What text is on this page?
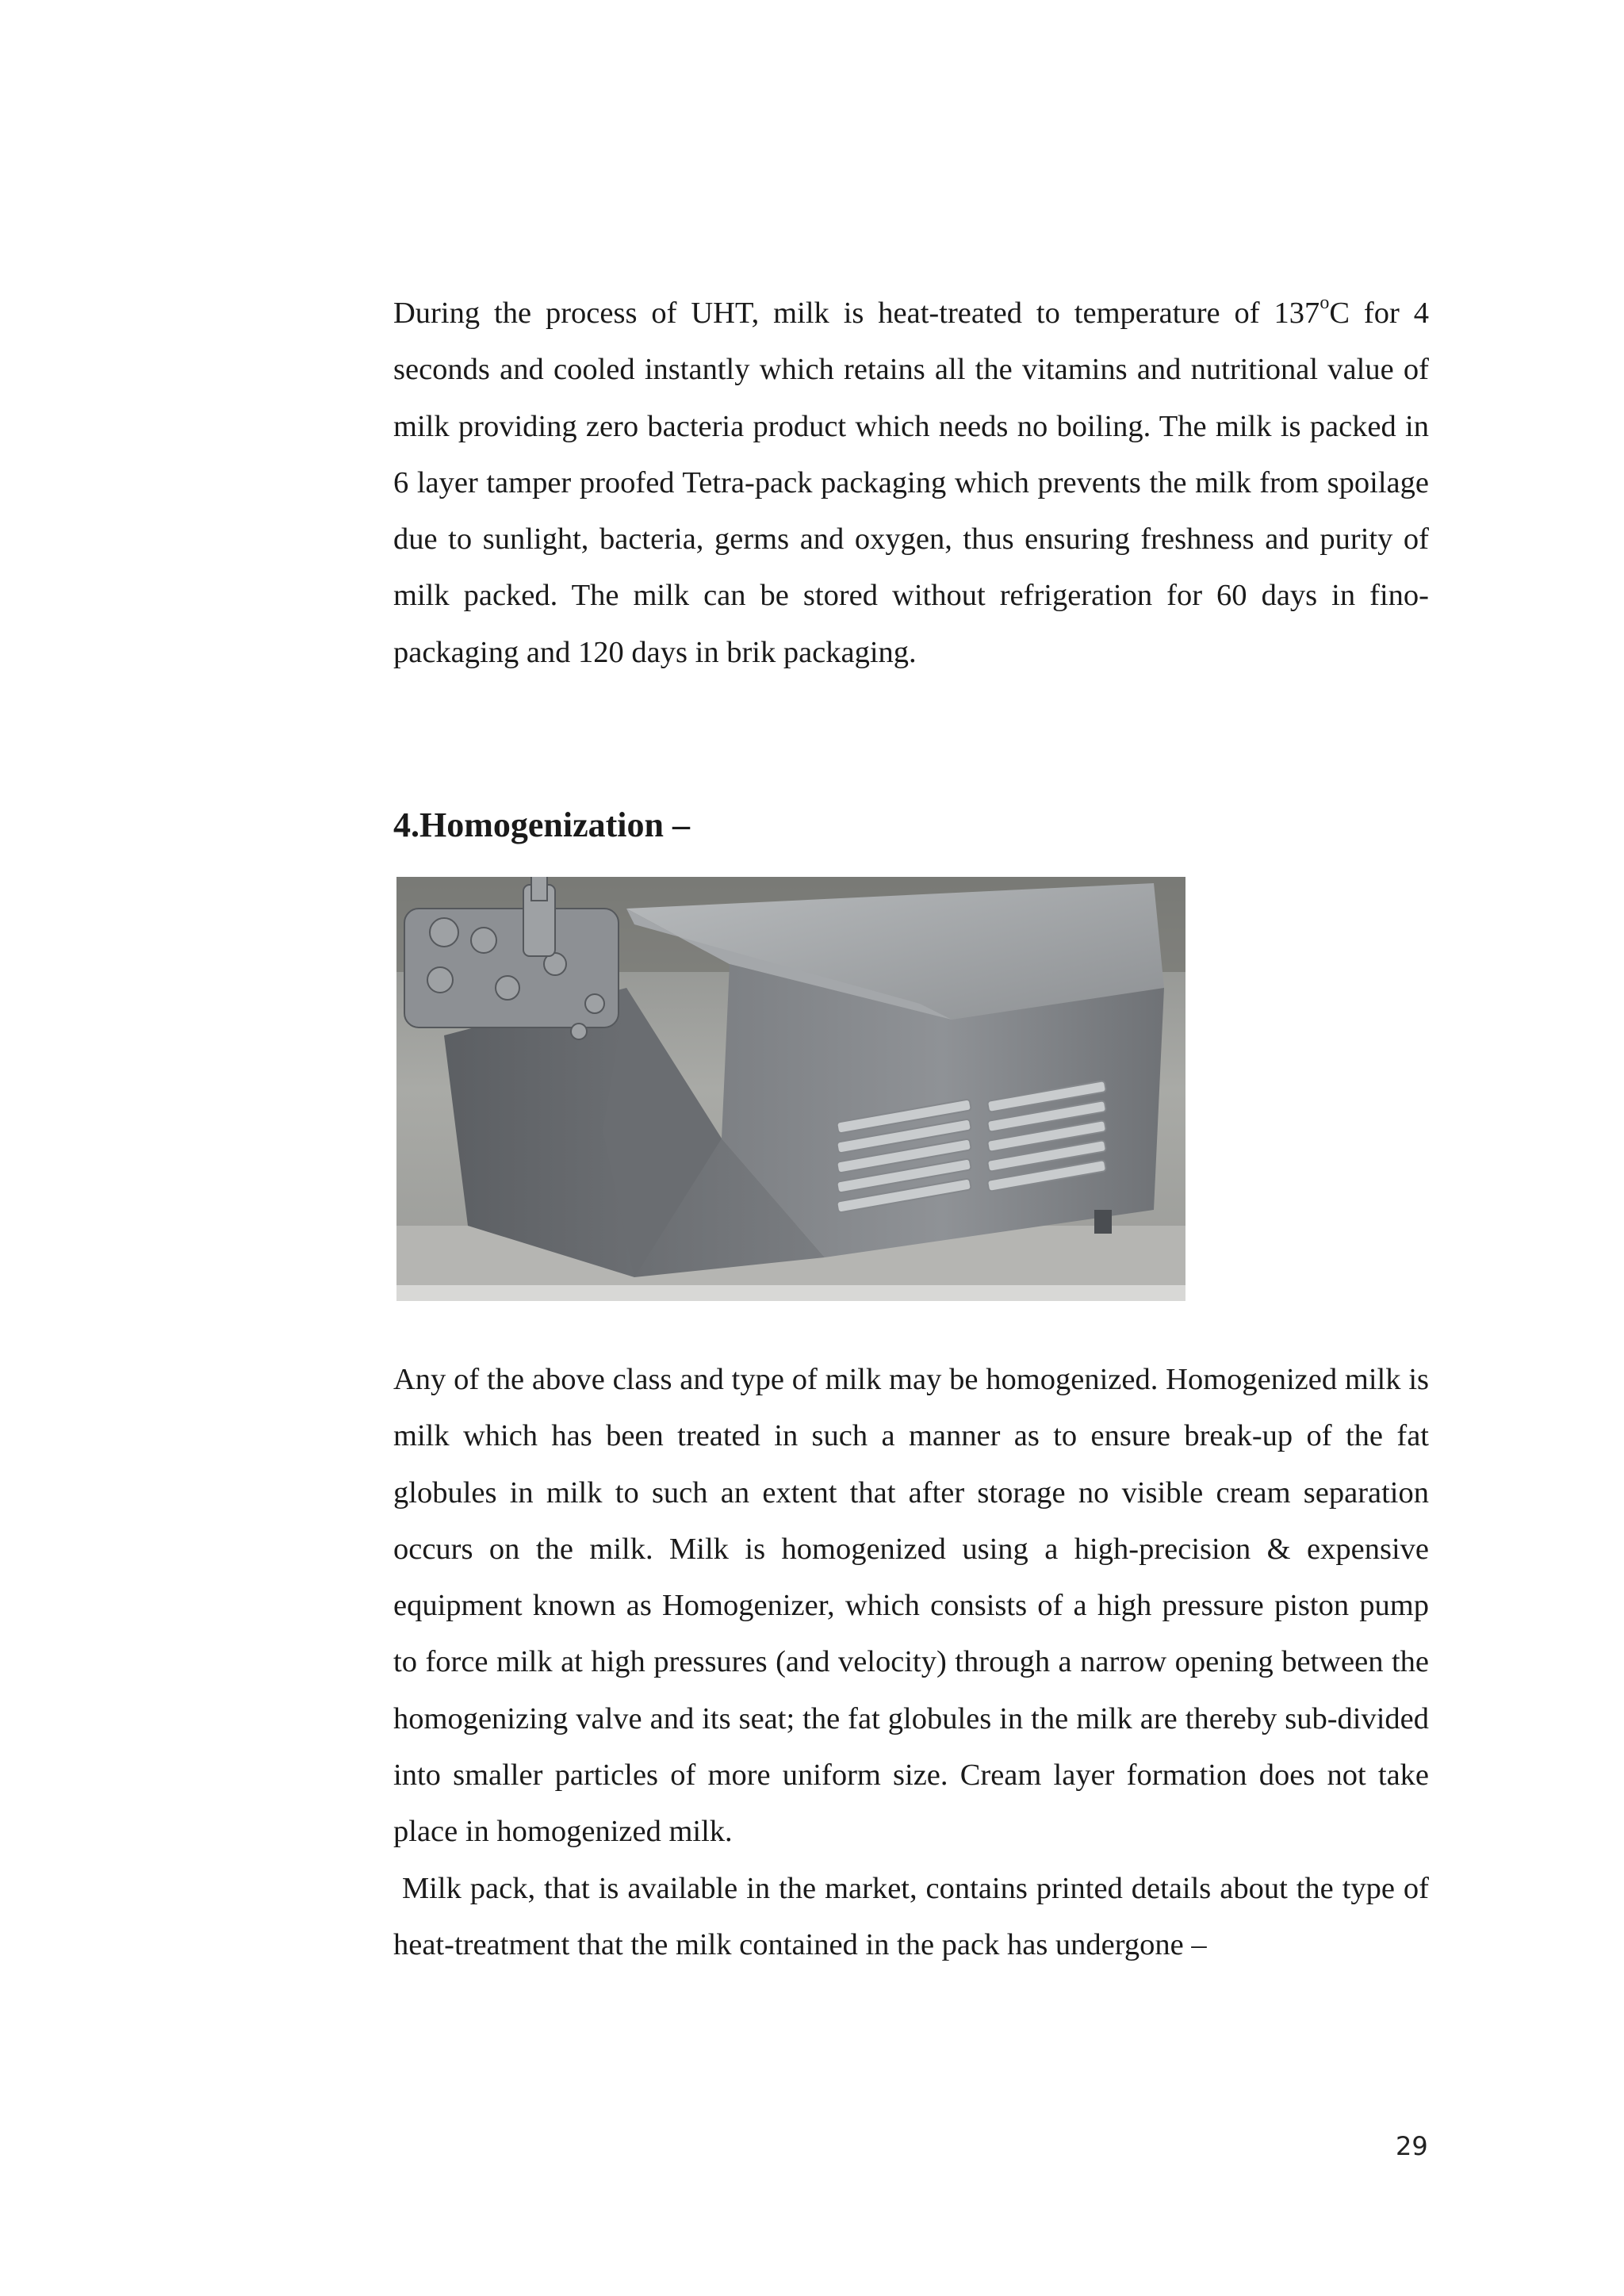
During the process of UHT, milk is heat-treated to temperature of 137$^o$C for 4 seconds and cooled instantly which retains all the vitamins and nutritional value of milk providing zero bacteria product which needs no boiling. The milk is packed in 6 layer tamper proofed Tetra-pack packaging which prevents the milk from spoilage due to sunlight, bacteria, germs and oxygen, thus ensuring freshness and purity of milk packed. The milk can be stored without refrigeration for 60 days in fino-packaging and 120 days in brik packaging.

4.Homogenization –

Any of the above class and type of milk may be homogenized. Homogenized milk is milk which has been treated in such a manner as to ensure break-up of the fat globules in milk to such an extent that after storage no visible cream separation occurs on the milk. Milk is homogenized using a high-precision & expensive equipment known as Homogenizer, which consists of a high pressure piston pump to force milk at high pressures (and velocity) through a narrow opening between the homogenizing valve and its seat; the fat globules in the milk are thereby sub-divided into smaller particles of more uniform size. Cream layer formation does not take place in homogenized milk.

Milk pack, that is available in the market, contains printed details about the type of heat-treatment that the milk contained in the pack has undergone –

29
